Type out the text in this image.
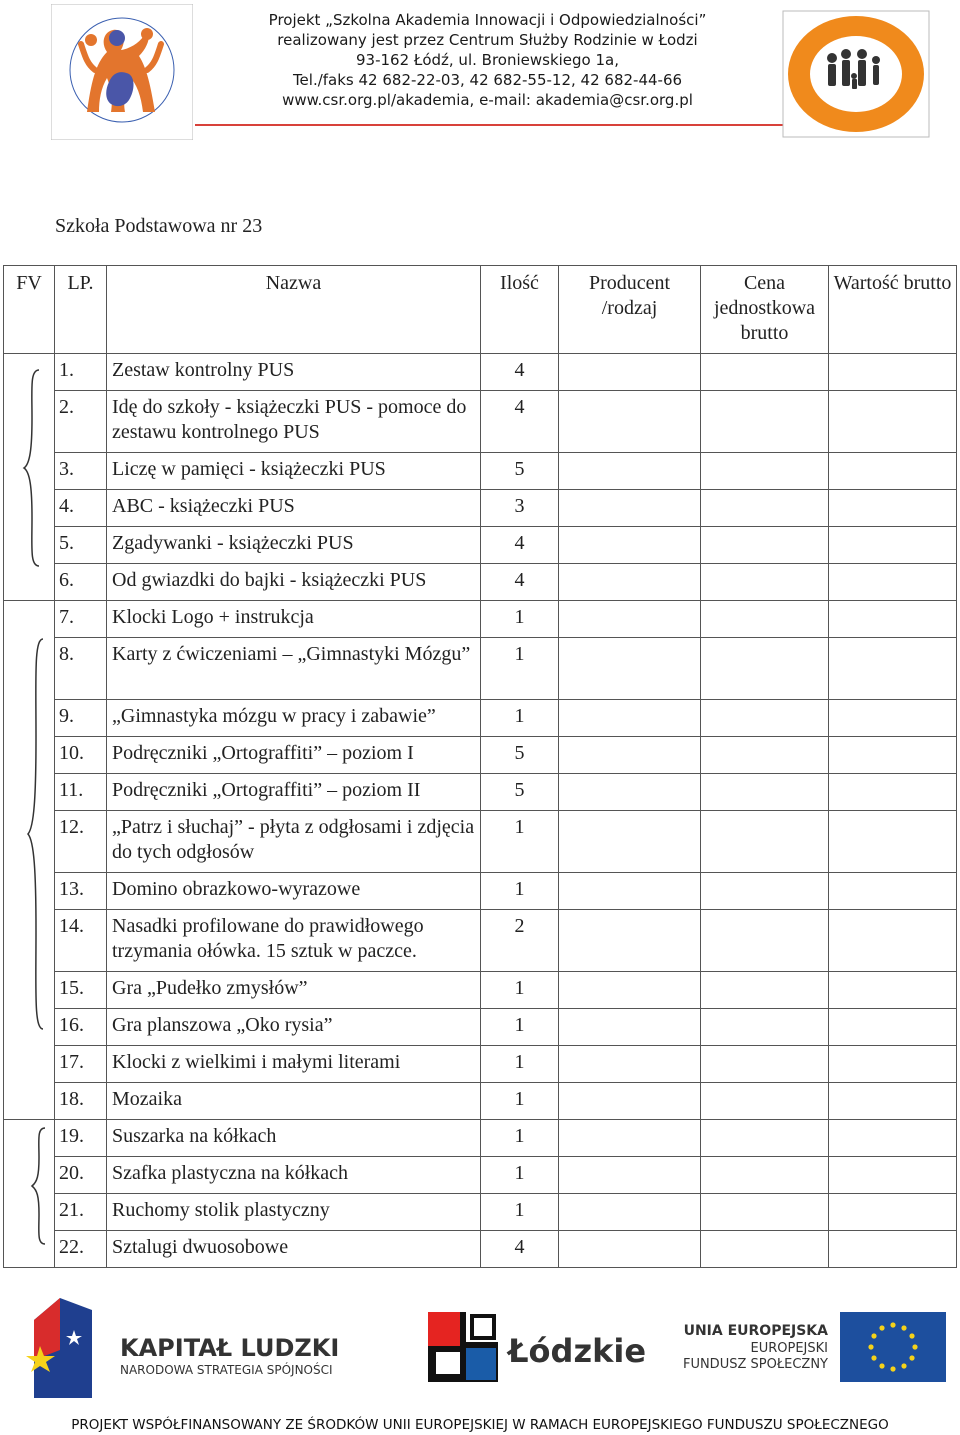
Projekt „Szkolna Akademia Innowacji i Odpowiedzialności”
realizowany jest przez Centrum Służby Rodzinie w Łodzi
93-162 Łódź, ul. Broniewskiego 1a,
Tel./faks 42 682-22-03, 42 682-55-12, 42 682-44-66
www.csr.org.pl/akademia, e-mail: akademia@csr.org.pl
Szkoła Podstawowa nr 23
FV	LP.	Nazwa	Ilość	Producent /rodzaj	Cena jednostkowa brutto	Wartość brutto

	1.	Zestaw kontrolny PUS	4			
	2.	Idę do szkoły - książeczki PUS - pomoce do zestawu kontrolnego PUS	4			
	3.	Liczę w pamięci - książeczki PUS	5			
	4.	ABC - książeczki PUS	3			
	5.	Zgadywanki - książeczki PUS	4			
	6.	Od gwiazdki do bajki - książeczki PUS	4			

	7.	Klocki Logo + instrukcja	1			
	8.	Karty z ćwiczeniami – „Gimnastyki Mózgu”	1			
	9.	„Gimnastyka mózgu w pracy i zabawie”	1			
	10.	Podręczniki „Ortograffiti” – poziom I	5			
	11.	Podręczniki „Ortograffiti” – poziom II	5			
	12.	„Patrz i słuchaj” - płyta z odgłosami i zdjęcia do tych odgłosów	1			
	13.	Domino obrazkowo-wyrazowe	1			
	14.	Nasadki profilowane do prawidłowego trzymania ołówka. 15 sztuk w paczce.	2			
	15.	Gra „Pudełko zmysłów”	1			
	16.	Gra planszowa „Oko rysia”	1			
	17.	Klocki z wielkimi i małymi literami	1			
	18.	Mozaika	1			

	19.	Suszarka na kółkach	1			
	20.	Szafka plastyczna na kółkach	1			
	21.	Ruchomy stolik plastyczny	1			
	22.	Sztalugi dwuosobowe	4			
KAPITAŁ LUDZKI
NARODOWA STRATEGIA SPÓJNOŚCI	Łódzkie
UNIA EUROPEJSKA
EUROPEJSKI
FUNDUSZ SPOŁECZNY
PROJEKT WSPÓŁFINANSOWANY ZE ŚRODKÓW UNII EUROPEJSKIEJ W RAMACH EUROPEJSKIEGO FUNDUSZU SPOŁECZNEGO
